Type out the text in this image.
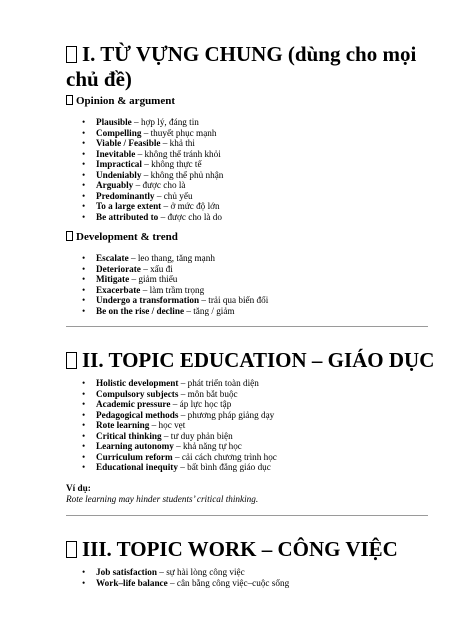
I. TỪ VỰNG CHUNG (dùng cho mọi chủ đề)
Opinion & argument
• Plausible – hợp lý, đáng tin
• Compelling – thuyết phục mạnh
• Viable / Feasible – khả thi
• Inevitable – không thể tránh khỏi
• Impractical – không thực tế
• Undeniably – không thể phủ nhận
• Arguably – được cho là
• Predominantly – chủ yếu
• To a large extent – ở mức độ lớn
• Be attributed to – được cho là do
Development & trend
• Escalate – leo thang, tăng mạnh
• Deteriorate – xấu đi
• Mitigate – giảm thiểu
• Exacerbate – làm trầm trọng
• Undergo a transformation – trải qua biến đổi
• Be on the rise / decline – tăng / giảm
II. TOPIC EDUCATION – GIÁO DỤC
• Holistic development – phát triển toàn diện
• Compulsory subjects – môn bắt buộc
• Academic pressure – áp lực học tập
• Pedagogical methods – phương pháp giảng dạy
• Rote learning – học vẹt
• Critical thinking – tư duy phản biện
• Learning autonomy – khả năng tự học
• Curriculum reform – cải cách chương trình học
• Educational inequity – bất bình đẳng giáo dục
Ví dụ:
Rote learning may hinder students’ critical thinking.
III. TOPIC WORK – CÔNG VIỆC
• Job satisfaction – sự hài lòng công việc
• Work–life balance – cân bằng công việc–cuộc sống
